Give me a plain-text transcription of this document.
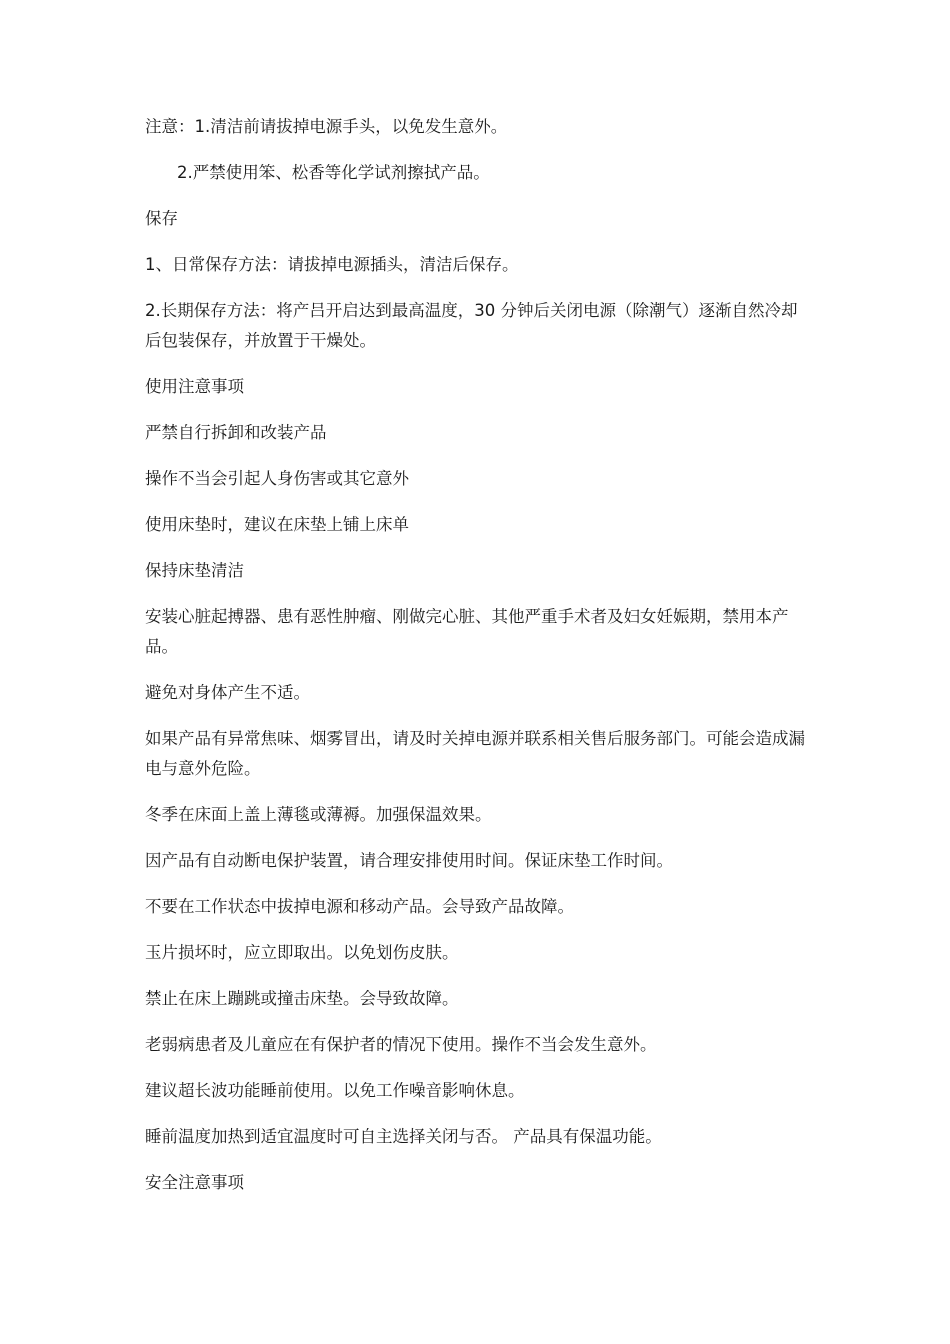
注意：1.清洁前请拔掉电源手头，以免发生意外。

2.严禁使用笨、松香等化学试剂擦拭产品。

保存

1、日常保存方法：请拔掉电源插头，清洁后保存。

2.长期保存方法：将产吕开启达到最高温度，30 分钟后关闭电源（除潮气）逐渐自然冷却后包装保存，并放置于干燥处。

使用注意事项

严禁自行拆卸和改装产品

操作不当会引起人身伤害或其它意外

使用床垫时，建议在床垫上铺上床单

保持床垫清洁

安装心脏起搏器、患有恶性肿瘤、刚做完心脏、其他严重手术者及妇女妊娠期，禁用本产品。

避免对身体产生不适。

如果产品有异常焦味、烟雾冒出，请及时关掉电源并联系相关售后服务部门。可能会造成漏电与意外危险。

冬季在床面上盖上薄毯或薄褥。加强保温效果。

因产品有自动断电保护装置，请合理安排使用时间。保证床垫工作时间。

不要在工作状态中拔掉电源和移动产品。会导致产品故障。

玉片损坏时，应立即取出。以免划伤皮肤。

禁止在床上蹦跳或撞击床垫。会导致故障。

老弱病患者及儿童应在有保护者的情况下使用。操作不当会发生意外。

建议超长波功能睡前使用。以免工作噪音影响休息。

睡前温度加热到适宜温度时可自主选择关闭与否。 产品具有保温功能。

安全注意事项
